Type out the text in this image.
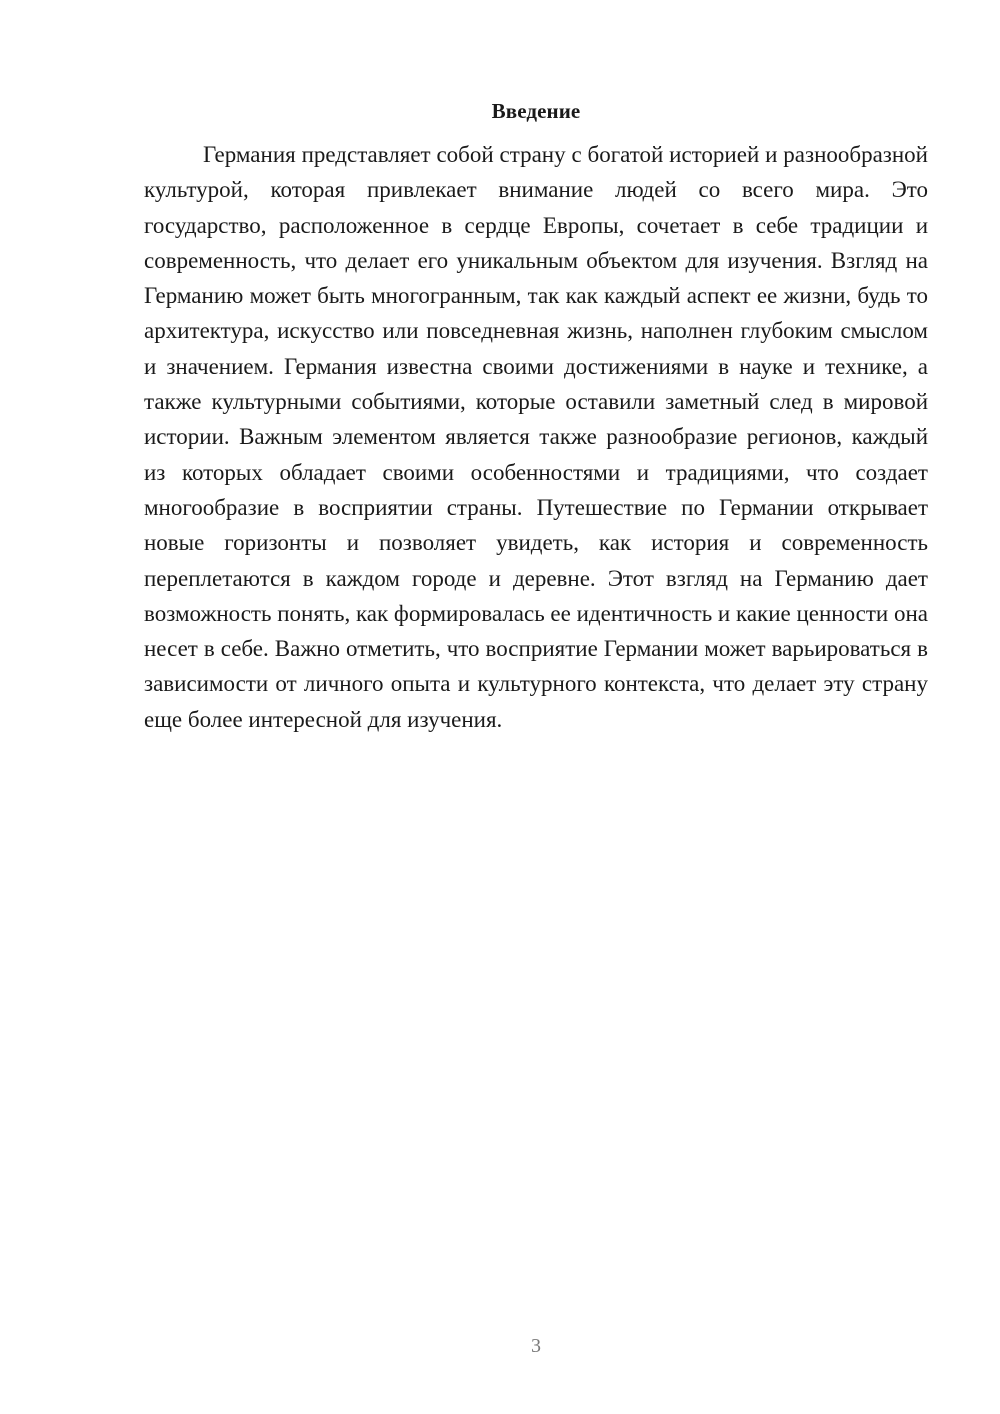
Введение

Германия представляет собой страну с богатой историей и разнообразной культурой, которая привлекает внимание людей со всего мира. Это государство, расположенное в сердце Европы, сочетает в себе традиции и современность, что делает его уникальным объектом для изучения. Взгляд на Германию может быть многогранным, так как каждый аспект ее жизни, будь то архитектура, искусство или повседневная жизнь, наполнен глубоким смыслом и значением. Германия известна своими достижениями в науке и технике, а также культурными событиями, которые оставили заметный след в мировой истории. Важным элементом является также разнообразие регионов, каждый из которых обладает своими особенностями и традициями, что создает многообразие в восприятии страны. Путешествие по Германии открывает новые горизонты и позволяет увидеть, как история и современность переплетаются в каждом городе и деревне. Этот взгляд на Германию дает возможность понять, как формировалась ее идентичность и какие ценности она несет в себе. Важно отметить, что восприятие Германии может варьироваться в зависимости от личного опыта и культурного контекста, что делает эту страну еще более интересной для изучения.

3
